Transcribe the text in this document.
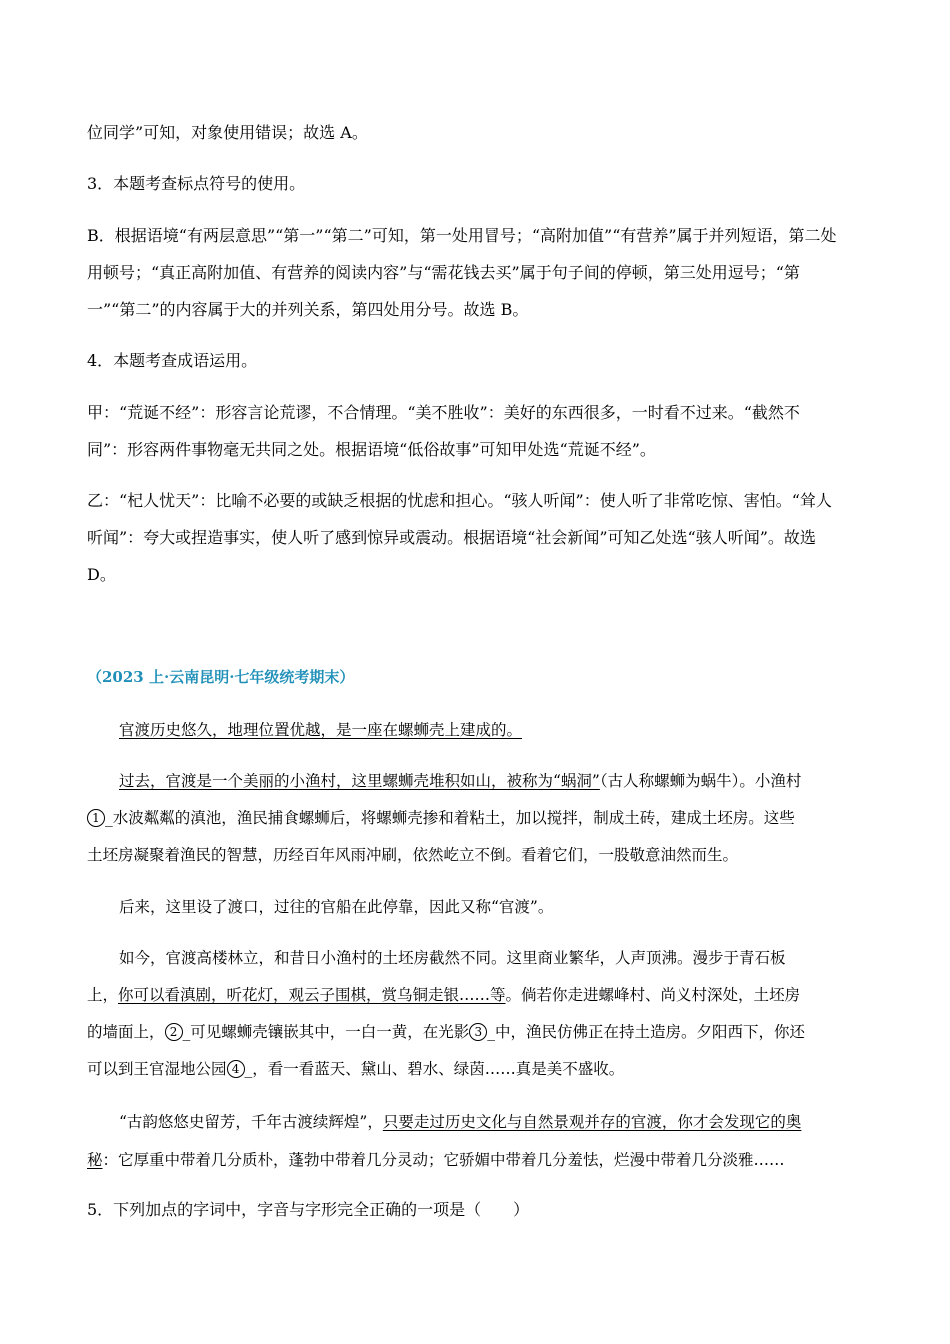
位同学”可知，对象使用错误；故选 A。
3．本题考查标点符号的使用。
B．根据语境“有两层意思”“第一”“第二”可知，第一处用冒号；“高附加值”“有营养”属于并列短语，第二处
用顿号；“真正高附加值、有营养的阅读内容”与“需花钱去买”属于句子间的停顿，第三处用逗号；“第
一”“第二”的内容属于大的并列关系，第四处用分号。故选 B。
4．本题考查成语运用。
甲：“荒诞不经”：形容言论荒谬，不合情理。“美不胜收”：美好的东西很多，一时看不过来。“截然不
同”：形容两件事物毫无共同之处。根据语境“低俗故事”可知甲处选“荒诞不经”。
乙：“杞人忧天”：比喻不必要的或缺乏根据的忧虑和担心。“骇人听闻”：使人听了非常吃惊、害怕。“耸人
听闻”：夸大或捏造事实，使人听了感到惊异或震动。根据语境“社会新闻”可知乙处选“骇人听闻”。故选
D。
（2023 上·云南昆明·七年级统考期末）
官渡历史悠久，地理位置优越，是一座在螺蛳壳上建成的。
过去，官渡是一个美丽的小渔村，这里螺蛳壳堆积如山，被称为“蜗洞”（古人称螺蛳为蜗牛）。小渔村
1 _水波粼粼的滇池，渔民捕食螺蛳后，将螺蛳壳掺和着粘土，加以搅拌，制成土砖，建成土坯房。这些
土坯房凝聚着渔民的智慧，历经百年风雨冲刷，依然屹立不倒。看着它们，一股敬意油然而生。
后来，这里设了渡口，过往的官船在此停靠，因此又称“官渡”。
如今，官渡高楼林立，和昔日小渔村的土坯房截然不同。这里商业繁华，人声顶沸。漫步于青石板
上，你可以看滇剧，听花灯，观云子围棋，赏乌铜走银……等。倘若你走进螺峰村、尚义村深处，土坯房
的墙面上， 2 _可见螺蛳壳镶嵌其中，一白一黄，在光影 3 _中，渔民仿佛正在持土造房。夕阳西下，你还
可以到王官湿地公园 4 _，看一看蓝天、黛山、碧水、绿茵……真是美不盛收。
“古韵悠悠史留芳，千年古渡续辉煌”，只要走过历史文化与自然景观并存的官渡，你才会发现它的奥
秘：它厚重中带着几分质朴，蓬勃中带着几分灵动；它骄媚中带着几分羞怯，烂漫中带着几分淡雅……
5．下列加点的字词中，字音与字形完全正确的一项是（　　）
